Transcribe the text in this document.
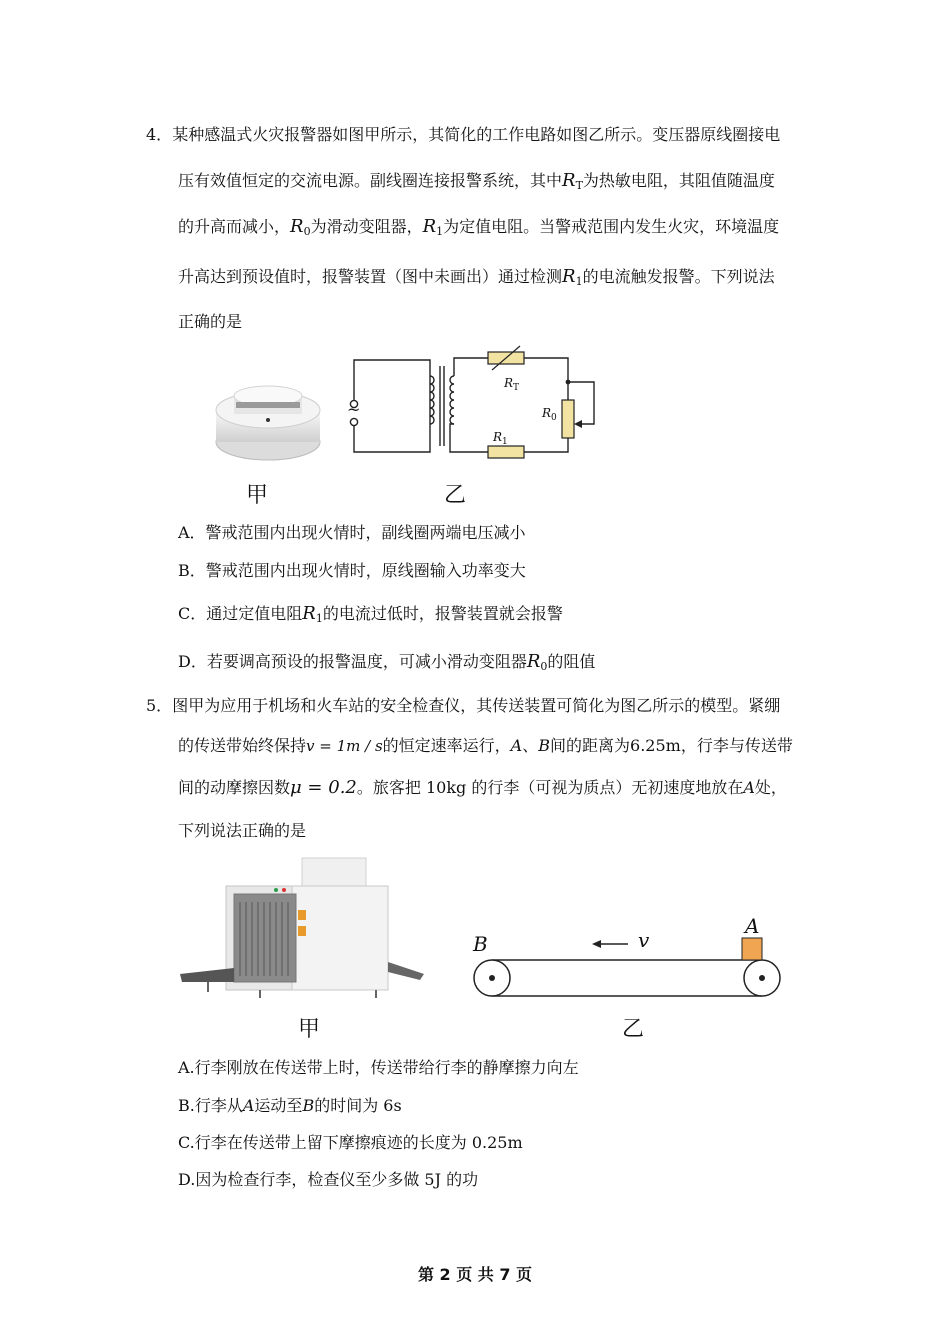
4．某种感温式火灾报警器如图甲所示，其简化的工作电路如图乙所示。变压器原线圈接电
压有效值恒定的交流电源。副线圈连接报警系统，其中$R_T$为热敏电阻，其阻值随温度
的升高而减小，$R_0$为滑动变阻器，$R_1$为定值电阻。当警戒范围内发生火灾，环境温度
升高达到预设值时，报警装置（图中未画出）通过检测$R_1$的电流触发报警。下列说法
正确的是
甲
~
$R_T$
$R_0$
$R_1$
乙
A．警戒范围内出现火情时，副线圈两端电压减小
B．警戒范围内出现火情时，原线圈输入功率变大
C．通过定值电阻$R_1$的电流过低时，报警装置就会报警
D．若要调高预设的报警温度，可减小滑动变阻器$R_0$的阻值
5．图甲为应用于机场和火车站的安全检查仪，其传送装置可简化为图乙所示的模型。紧绷
的传送带始终保持v = 1m / s的恒定速率运行，A、B间的距离为6.25m，行李与传送带
间的动摩擦因数μ = 0.2。旅客把 10kg 的行李（可视为质点）无初速度地放在A处，
下列说法正确的是
甲
B
A
v
乙
A.行李刚放在传送带上时，传送带给行李的静摩擦力向左
B.行李从A运动至B的时间为 6s
C.行李在传送带上留下摩擦痕迹的长度为 0.25m
D.因为检查行李，检查仪至少多做 5J 的功
第 2 页 共 7 页
